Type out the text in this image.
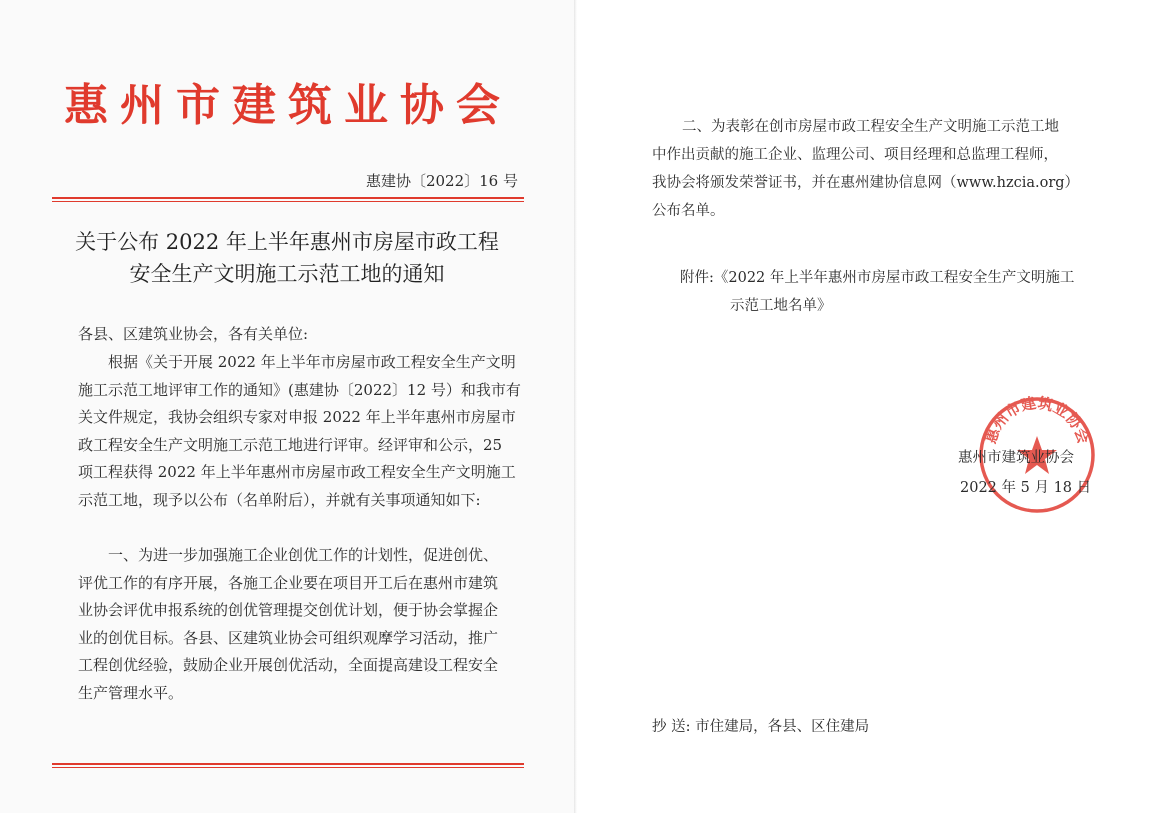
惠州市建筑业协会
惠建协〔2022〕16 号
关于公布 2022 年上半年惠州市房屋市政工程
安全生产文明施工示范工地的通知
各县、区建筑业协会，各有关单位:
根据《关于开展 2022 年上半年市房屋市政工程安全生产文明
施工示范工地评审工作的通知》(惠建协〔2022〕12 号）和我市有
关文件规定，我协会组织专家对申报 2022 年上半年惠州市房屋市
政工程安全生产文明施工示范工地进行评审。经评审和公示，25
项工程获得 2022 年上半年惠州市房屋市政工程安全生产文明施工
示范工地，现予以公布（名单附后），并就有关事项通知如下:
一、为进一步加强施工企业创优工作的计划性，促进创优、
评优工作的有序开展，各施工企业要在项目开工后在惠州市建筑
业协会评优申报系统的创优管理提交创优计划，便于协会掌握企
业的创优目标。各县、区建筑业协会可组织观摩学习活动，推广
工程创优经验，鼓励企业开展创优活动，全面提高建设工程安全
生产管理水平。
二、为表彰在创市房屋市政工程安全生产文明施工示范工地
中作出贡献的施工企业、监理公司、项目经理和总监理工程师，
我协会将颁发荣誉证书，并在惠州建协信息网（www.hzcia.org）
公布名单。
附件:《2022 年上半年惠州市房屋市政工程安全生产文明施工
示范工地名单》
惠州市建筑业协会
惠州市建筑业协会
2022 年 5 月 18 日
抄 送: 市住建局，各县、区住建局
